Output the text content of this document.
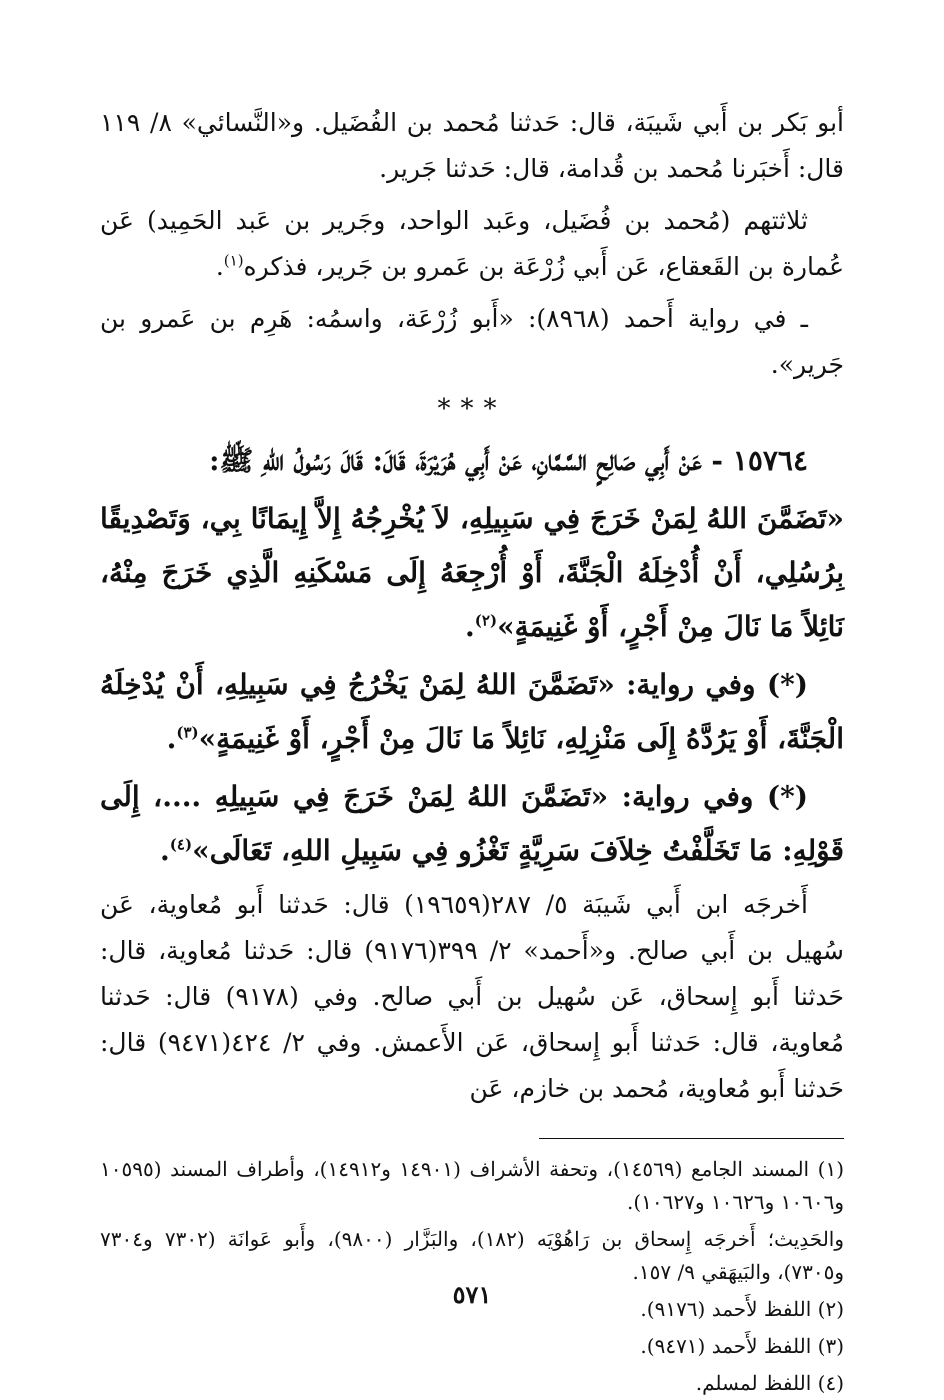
أبو بَكر بن أَبي شَيبَة، قال: حَدثنا مُحمد بن الفُضَيل. و«النَّسائي» ٨/ ١١٩ قال: أَخبَرنا مُحمد بن قُدامة، قال: حَدثنا جَرير.

ثلاثتهم (مُحمد بن فُضَيل، وعَبد الواحد، وجَرير بن عَبد الحَمِيد) عَن عُمارة بن القَعقاع، عَن أَبي زُرْعَة بن عَمرو بن جَرير، فذكره$^{(١)}$.

ـ في رواية أَحمد (٨٩٦٨): «أَبو زُرْعَة، واسمُه: هَرِم بن عَمرو بن جَرير».

***

١٥٧٦٤ - عَنْ أَبِي صَالِحٍ السَّمَّانِ، عَنْ أَبِي هُرَيْرَةَ، قَالَ: قَالَ رَسُولُ اللهِ ﷺ:

«تَضَمَّنَ اللهُ لِمَنْ خَرَجَ فِي سَبِيلِهِ، لاَ يُخْرِجُهُ إِلاَّ إِيمَانًا بِي، وَتَصْدِيقًا بِرُسُلِي، أَنْ أُدْخِلَهُ الْجَنَّةَ، أَوْ أُرْجِعَهُ إِلَى مَسْكَنِهِ الَّذِي خَرَجَ مِنْهُ، نَائِلاً مَا نَالَ مِنْ أَجْرٍ، أَوْ غَنِيمَةٍ»$^{(٢)}$.

(*) وفي رواية: «تَضَمَّنَ اللهُ لِمَنْ يَخْرُجُ فِي سَبِيلِهِ، أَنْ يُدْخِلَهُ الْجَنَّةَ، أَوْ يَرُدَّهُ إِلَى مَنْزِلِهِ، نَائِلاً مَا نَالَ مِنْ أَجْرٍ، أَوْ غَنِيمَةٍ»$^{(٣)}$.

(*) وفي رواية: «تَضَمَّنَ اللهُ لِمَنْ خَرَجَ فِي سَبِيلِهِ ....، إِلَى قَوْلِهِ: مَا تَخَلَّفْتُ خِلاَفَ سَرِيَّةٍ تَغْزُو فِي سَبِيلِ اللهِ، تَعَالَى»$^{(٤)}$.

أَخرجَه ابن أَبي شَيبَة ٥/ ٢٨٧(١٩٦٥٩) قال: حَدثنا أَبو مُعاوية، عَن سُهيل بن أَبي صالح. و«أَحمد» ٢/ ٣٩٩(٩١٧٦) قال: حَدثنا مُعاوية، قال: حَدثنا أَبو إِسحاق، عَن سُهيل بن أَبي صالح. وفي (٩١٧٨) قال: حَدثنا مُعاوية، قال: حَدثنا أَبو إِسحاق، عَن الأَعمش. وفي ٢/ ٤٢٤(٩٤٧١) قال: حَدثنا أَبو مُعاوية، مُحمد بن خازم، عَن

(١) المسند الجامع (١٤٥٦٩)، وتحفة الأشراف (١٤٩٠١ و١٤٩١٢)، وأطراف المسند (١٠٥٩٥ و١٠٦٠٦ و١٠٦٢٦ و١٠٦٢٧).

والحَدِيث؛ أَخرجَه إِسحاق بن رَاهُوْيَه (١٨٢)، والبَزَّار (٩٨٠٠)، وأَبو عَوانَة (٧٣٠٢ و٧٣٠٤ و٧٣٠٥)، والبَيهَقي ٩/ ١٥٧.

(٢) اللفظ لأَحمد (٩١٧٦).

(٣) اللفظ لأَحمد (٩٤٧١).

(٤) اللفظ لمسلم.

٥٧١
